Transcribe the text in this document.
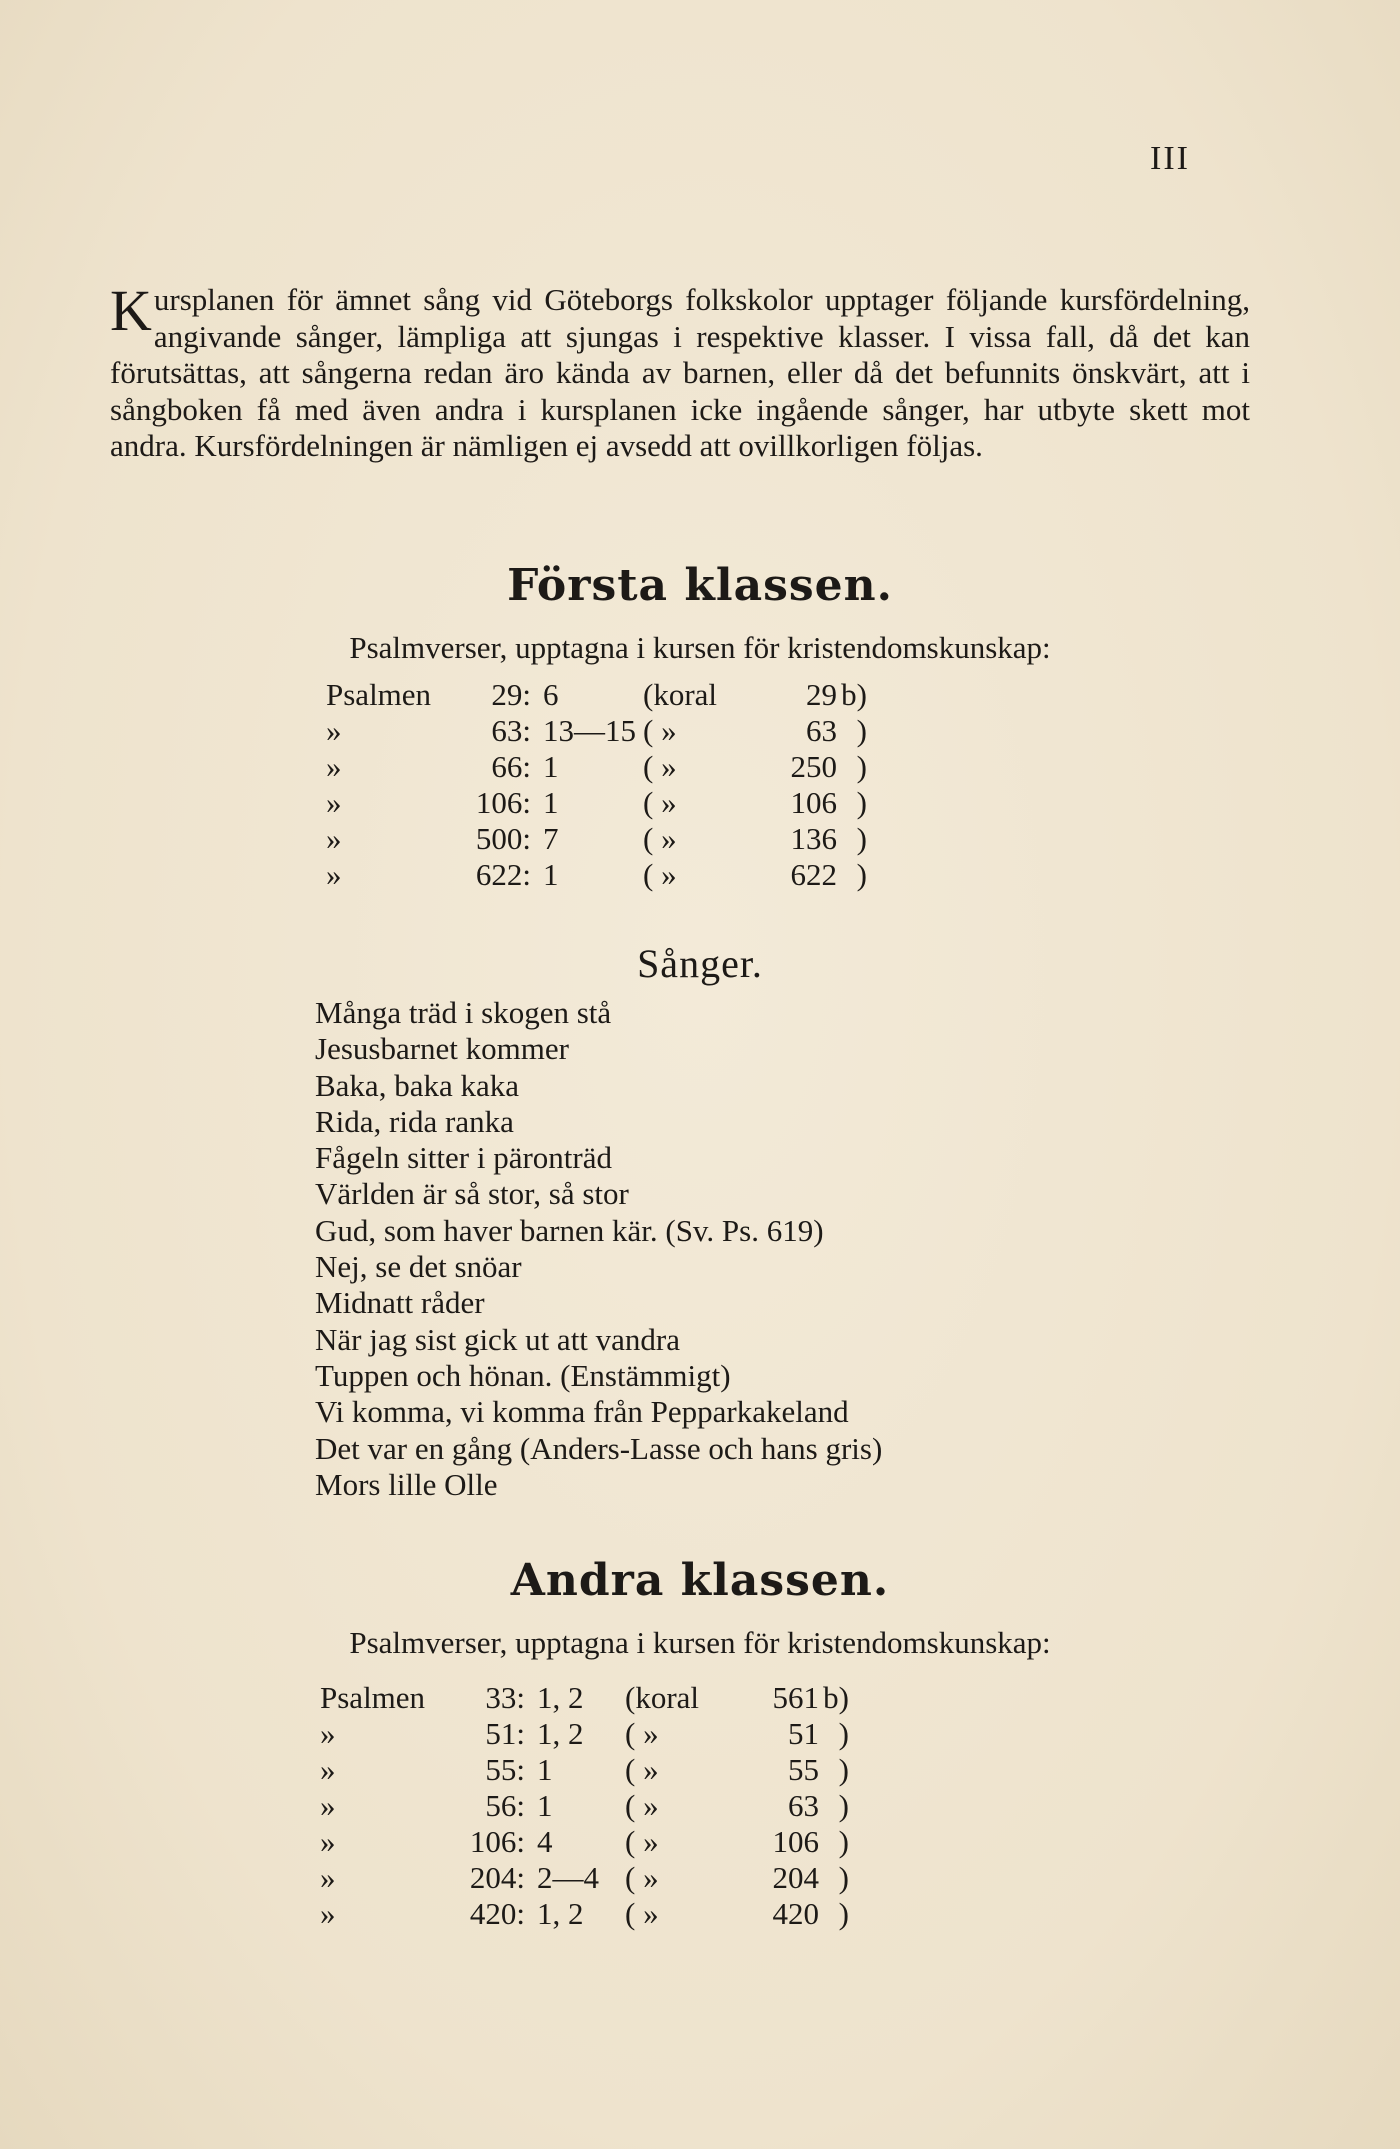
III
Kursplanen för ämnet sång vid Göteborgs folkskolor upptager följande kursfördelning, angivande sånger, lämpliga att sjungas i respektive klasser. I vissa fall, då det kan förutsättas, att sångerna redan äro kända av barnen, eller då det befunnits önskvärt, att i sångboken få med även andra i kursplanen icke ingående sånger, har utbyte skett mot andra. Kursfördelningen är nämligen ej avsedd att ovillkorligen följas.
Första klassen.
Psalmverser, upptagna i kursen för kristendomskunskap:
Psalmen	29:	6	(koral	29	b)
»	63:	13—15	( »	63	)
»	66:	1	( »	250	)
»	106:	1	( »	106	)
»	500:	7	( »	136	)
»	622:	1	( »	622	)
Sånger.
Många träd i skogen stå
Jesusbarnet kommer
Baka, baka kaka
Rida, rida ranka
Fågeln sitter i päronträd
Världen är så stor, så stor
Gud, som haver barnen kär. (Sv. Ps. 619)
Nej, se det snöar
Midnatt råder
När jag sist gick ut att vandra
Tuppen och hönan. (Enstämmigt)
Vi komma, vi komma från Pepparkakeland
Det var en gång (Anders-Lasse och hans gris)
Mors lille Olle
Andra klassen.
Psalmverser, upptagna i kursen för kristendomskunskap:
Psalmen	33:	1, 2	(koral	561	b)
»	51:	1, 2	( »	51	)
»	55:	1	( »	55	)
»	56:	1	( »	63	)
»	106:	4	( »	106	)
»	204:	2—4	( »	204	)
»	420:	1, 2	( »	420	)
